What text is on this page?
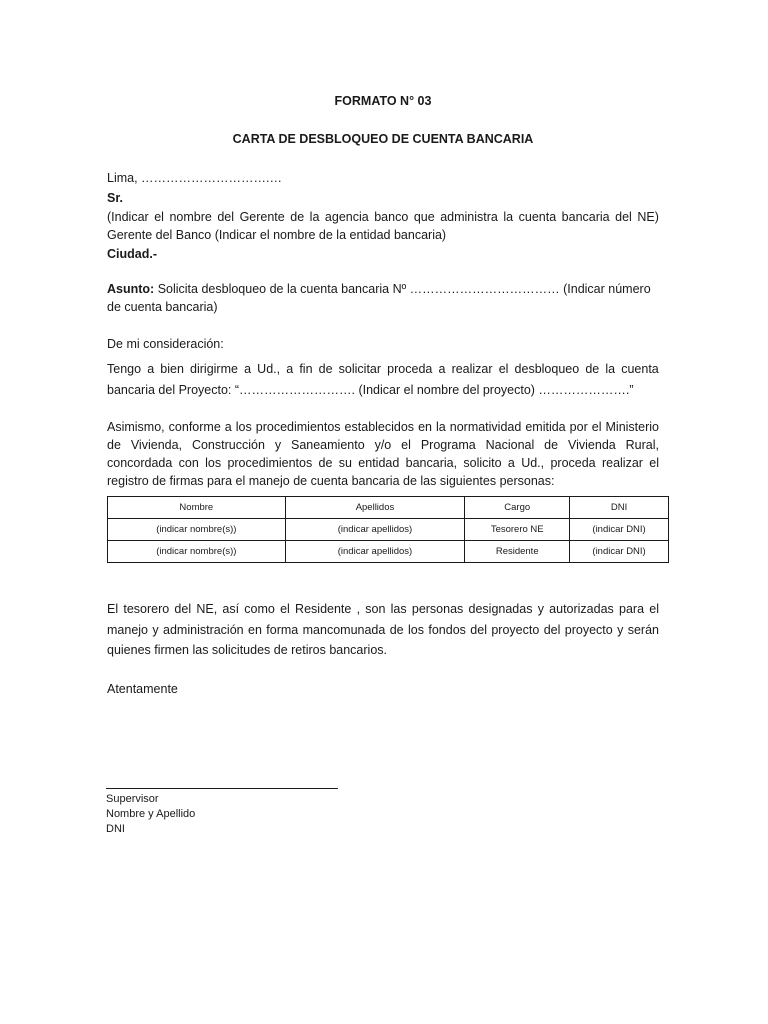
FORMATO N° 03
CARTA DE DESBLOQUEO DE CUENTA BANCARIA
Lima, ………………………….…
Sr.
(Indicar el nombre del Gerente de la agencia banco que administra la cuenta bancaria del NE)
Gerente del Banco (Indicar el nombre de la entidad bancaria)
Ciudad.-
Asunto: Solicita desbloqueo de la cuenta bancaria Nº ……………………………… (Indicar número
de cuenta bancaria)
De mi consideración:
Tengo a bien dirigirme a Ud., a fin de solicitar proceda a realizar el desbloqueo de la cuenta
bancaria del Proyecto: “………………………. (Indicar el nombre del proyecto) ………………….”
Asimismo, conforme a los procedimientos establecidos en la normatividad emitida por el Ministerio
de Vivienda, Construcción y Saneamiento y/o el Programa Nacional de Vivienda Rural,
concordada con los procedimientos de su entidad bancaria, solicito a Ud., proceda realizar el
registro de firmas para el manejo de cuenta bancaria de las siguientes personas:
Nombre	Apellidos	Cargo	DNI
(indicar nombre(s))	(indicar apellidos)	Tesorero NE	(indicar DNI)
(indicar nombre(s))	(indicar apellidos)	Residente	(indicar DNI)
El tesorero del NE, así como el Residente , son las personas designadas y autorizadas para el
manejo y administración en forma mancomunada de los fondos del proyecto del proyecto y serán
quienes firmen las solicitudes de retiros bancarios.
Atentamente
Supervisor
Nombre y Apellido
DNI
